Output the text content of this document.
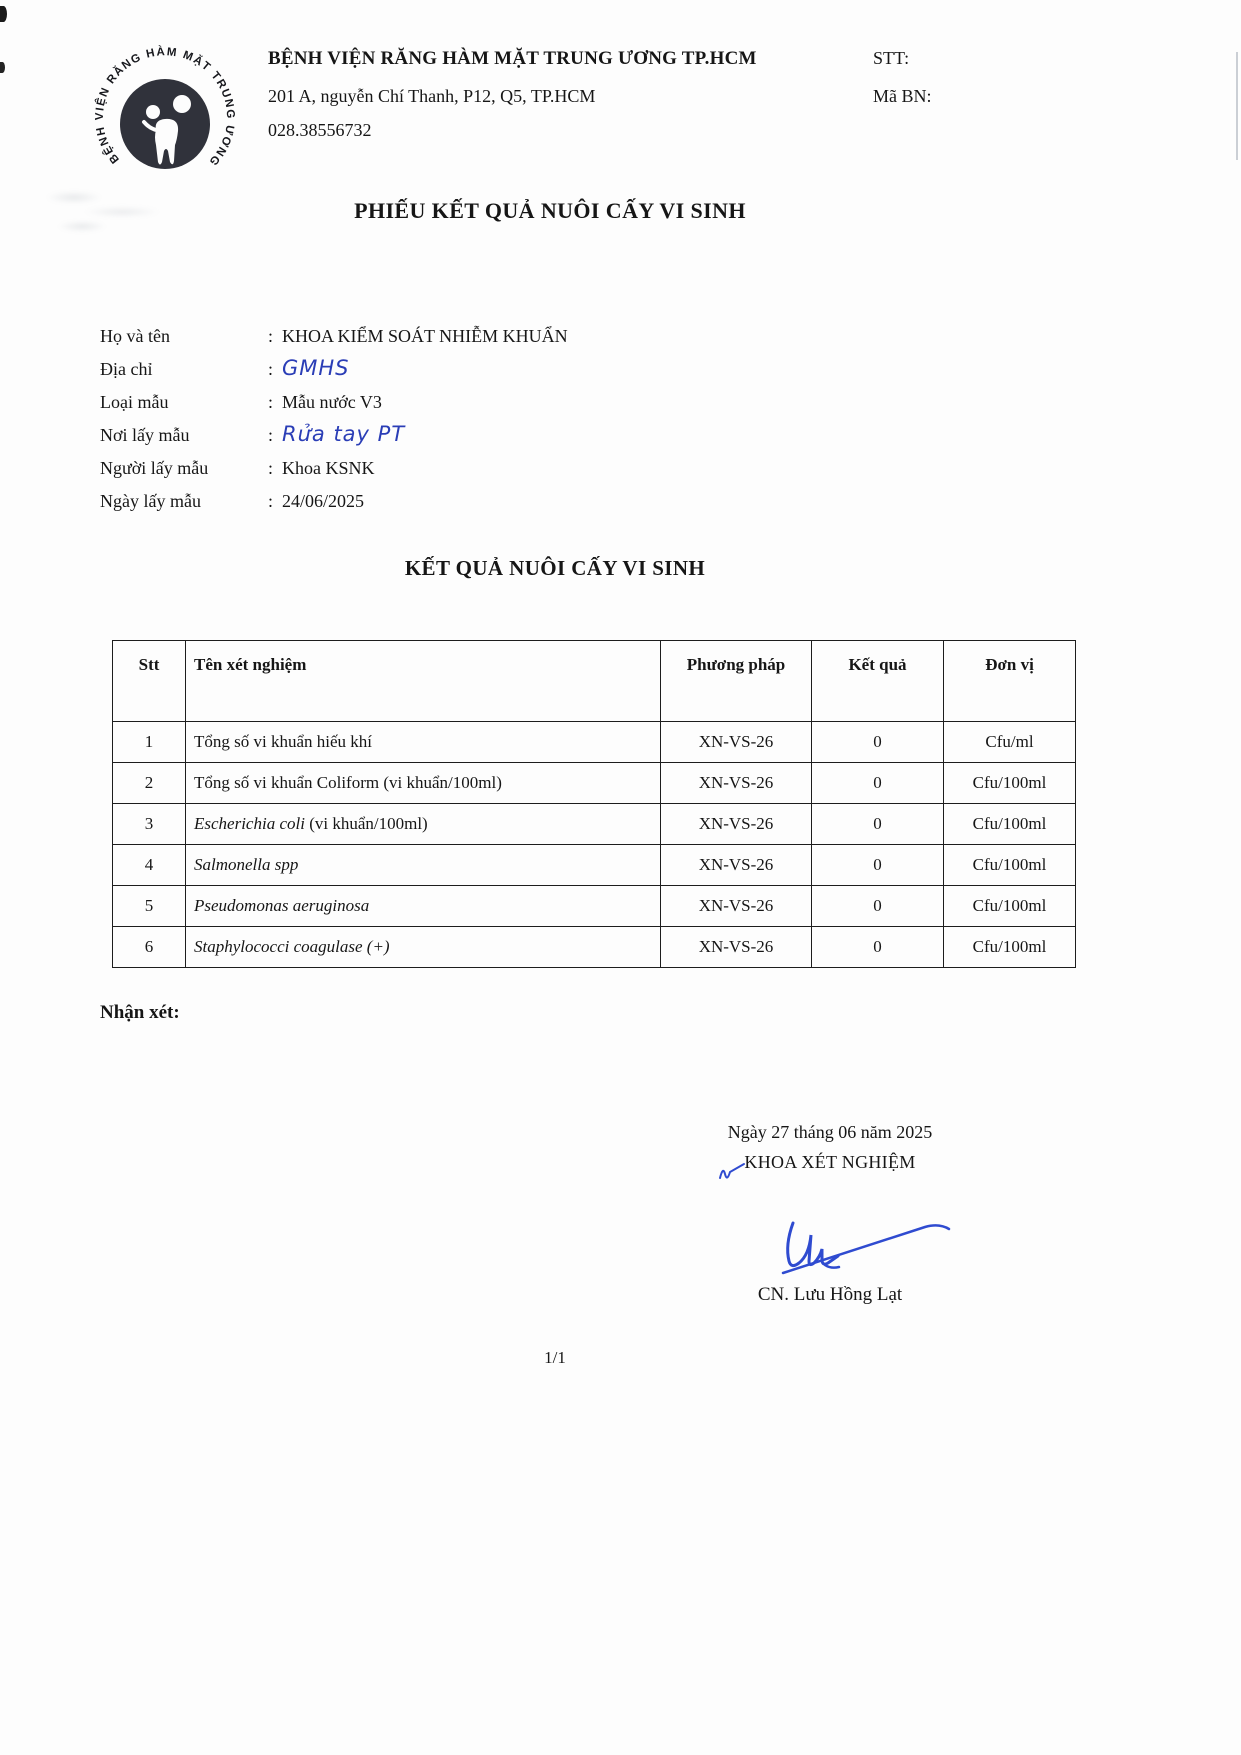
BỆNH VIỆN RĂNG HÀM MẶT TRUNG ƯƠNG
BỆNH VIỆN RĂNG HÀM MẶT TRUNG ƯƠNG TP.HCM
201 A, nguyễn Chí Thanh, P12, Q5, TP.HCM
028.38556732
STT:
Mã BN:
PHIẾU KẾT QUẢ NUÔI CẤY VI SINH
Họ và tên	: KHOA KIỂM SOÁT NHIỄM KHUẨN
Địa chỉ	: GMHS
Loại mẫu	: Mẫu nước V3
Nơi lấy mẫu	: Rửa tay PT
Người lấy mẫu	: Khoa KSNK
Ngày lấy mẫu	: 24/06/2025
KẾT QUẢ NUÔI CẤY VI SINH
Stt	Tên xét nghiệm	Phương pháp	Kết quả	Đơn vị
1	Tổng số vi khuẩn hiếu khí	XN-VS-26	0	Cfu/ml
2	Tổng số vi khuẩn Coliform (vi khuẩn/100ml)	XN-VS-26	0	Cfu/100ml
3	Escherichia coli (vi khuẩn/100ml)	XN-VS-26	0	Cfu/100ml
4	Salmonella spp	XN-VS-26	0	Cfu/100ml
5	Pseudomonas aeruginosa	XN-VS-26	0	Cfu/100ml
6	Staphylococci coagulase (+)	XN-VS-26	0	Cfu/100ml
Nhận xét:
Ngày 27 tháng 06 năm 2025
KHOA XÉT NGHIỆM
CN. Lưu Hồng Lạt
1/1
